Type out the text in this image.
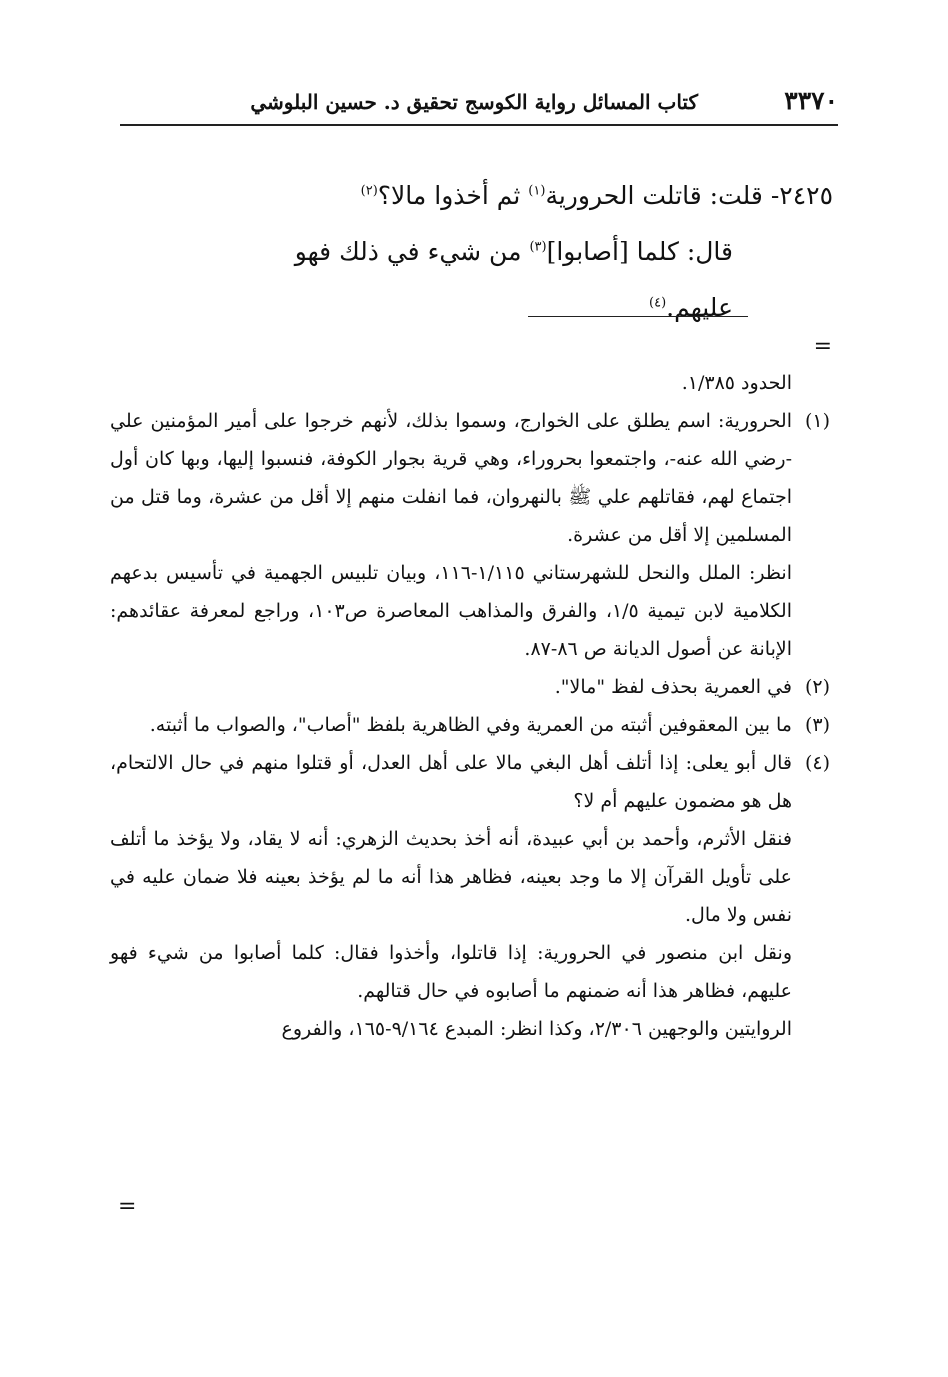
٣٣٧٠
كتاب المسائل رواية الكوسج تحقيق د. حسين البلوشي

٢٤٢٥- قلت: قاتلت الحرورية$^{(١)}$ ثم أخذوا مالا؟$^{(٢)}$

قال: كلما [أصابوا]$^{(٣)}$ من شيء في ذلك فهو عليهم.$^{(٤)}$

=

الحدود ١/٣٨٥.

(١)الحرورية: اسم يطلق على الخوارج، وسموا بذلك، لأنهم خرجوا على أمير المؤمنين علي -رضي الله عنه-، واجتمعوا بحروراء، وهي قرية بجوار الكوفة، فنسبوا إليها، وبها كان أول اجتماع لهم، فقاتلهم علي ﷺ بالنهروان، فما انفلت منهم إلا أقل من عشرة، وما قتل من المسلمين إلا أقل من عشرة.

انظر: الملل والنحل للشهرستاني ١/١١٥-١١٦، وبيان تلبيس الجهمية في تأسيس بدعهم الكلامية لابن تيمية ١/٥، والفرق والمذاهب المعاصرة ص١٠٣، وراجع لمعرفة عقائدهم: الإبانة عن أصول الديانة ص ٨٦-٨٧.

(٢)في العمرية بحذف لفظ "مالا".

(٣)ما بين المعقوفين أثبته من العمرية وفي الظاهرية بلفظ "أصاب"، والصواب ما أثبته.

(٤)قال أبو يعلى: إذا أتلف أهل البغي مالا على أهل العدل، أو قتلوا منهم في حال الالتحام، هل هو مضمون عليهم أم لا؟

فنقل الأثرم، وأحمد بن أبي عبيدة، أنه أخذ بحديث الزهري: أنه لا يقاد، ولا يؤخذ ما أتلف على تأويل القرآن إلا ما وجد بعينه، فظاهر هذا أنه ما لم يؤخذ بعينه فلا ضمان عليه في نفس ولا مال.

ونقل ابن منصور في الحرورية: إذا قاتلوا، وأخذوا فقال: كلما أصابوا من شيء فهو عليهم، فظاهر هذا أنه ضمنهم ما أصابوه في حال قتالهم.

الروايتين والوجهين ٢/٣٠٦، وكذا انظر: المبدع ٩/١٦٤-١٦٥، والفروع

=
